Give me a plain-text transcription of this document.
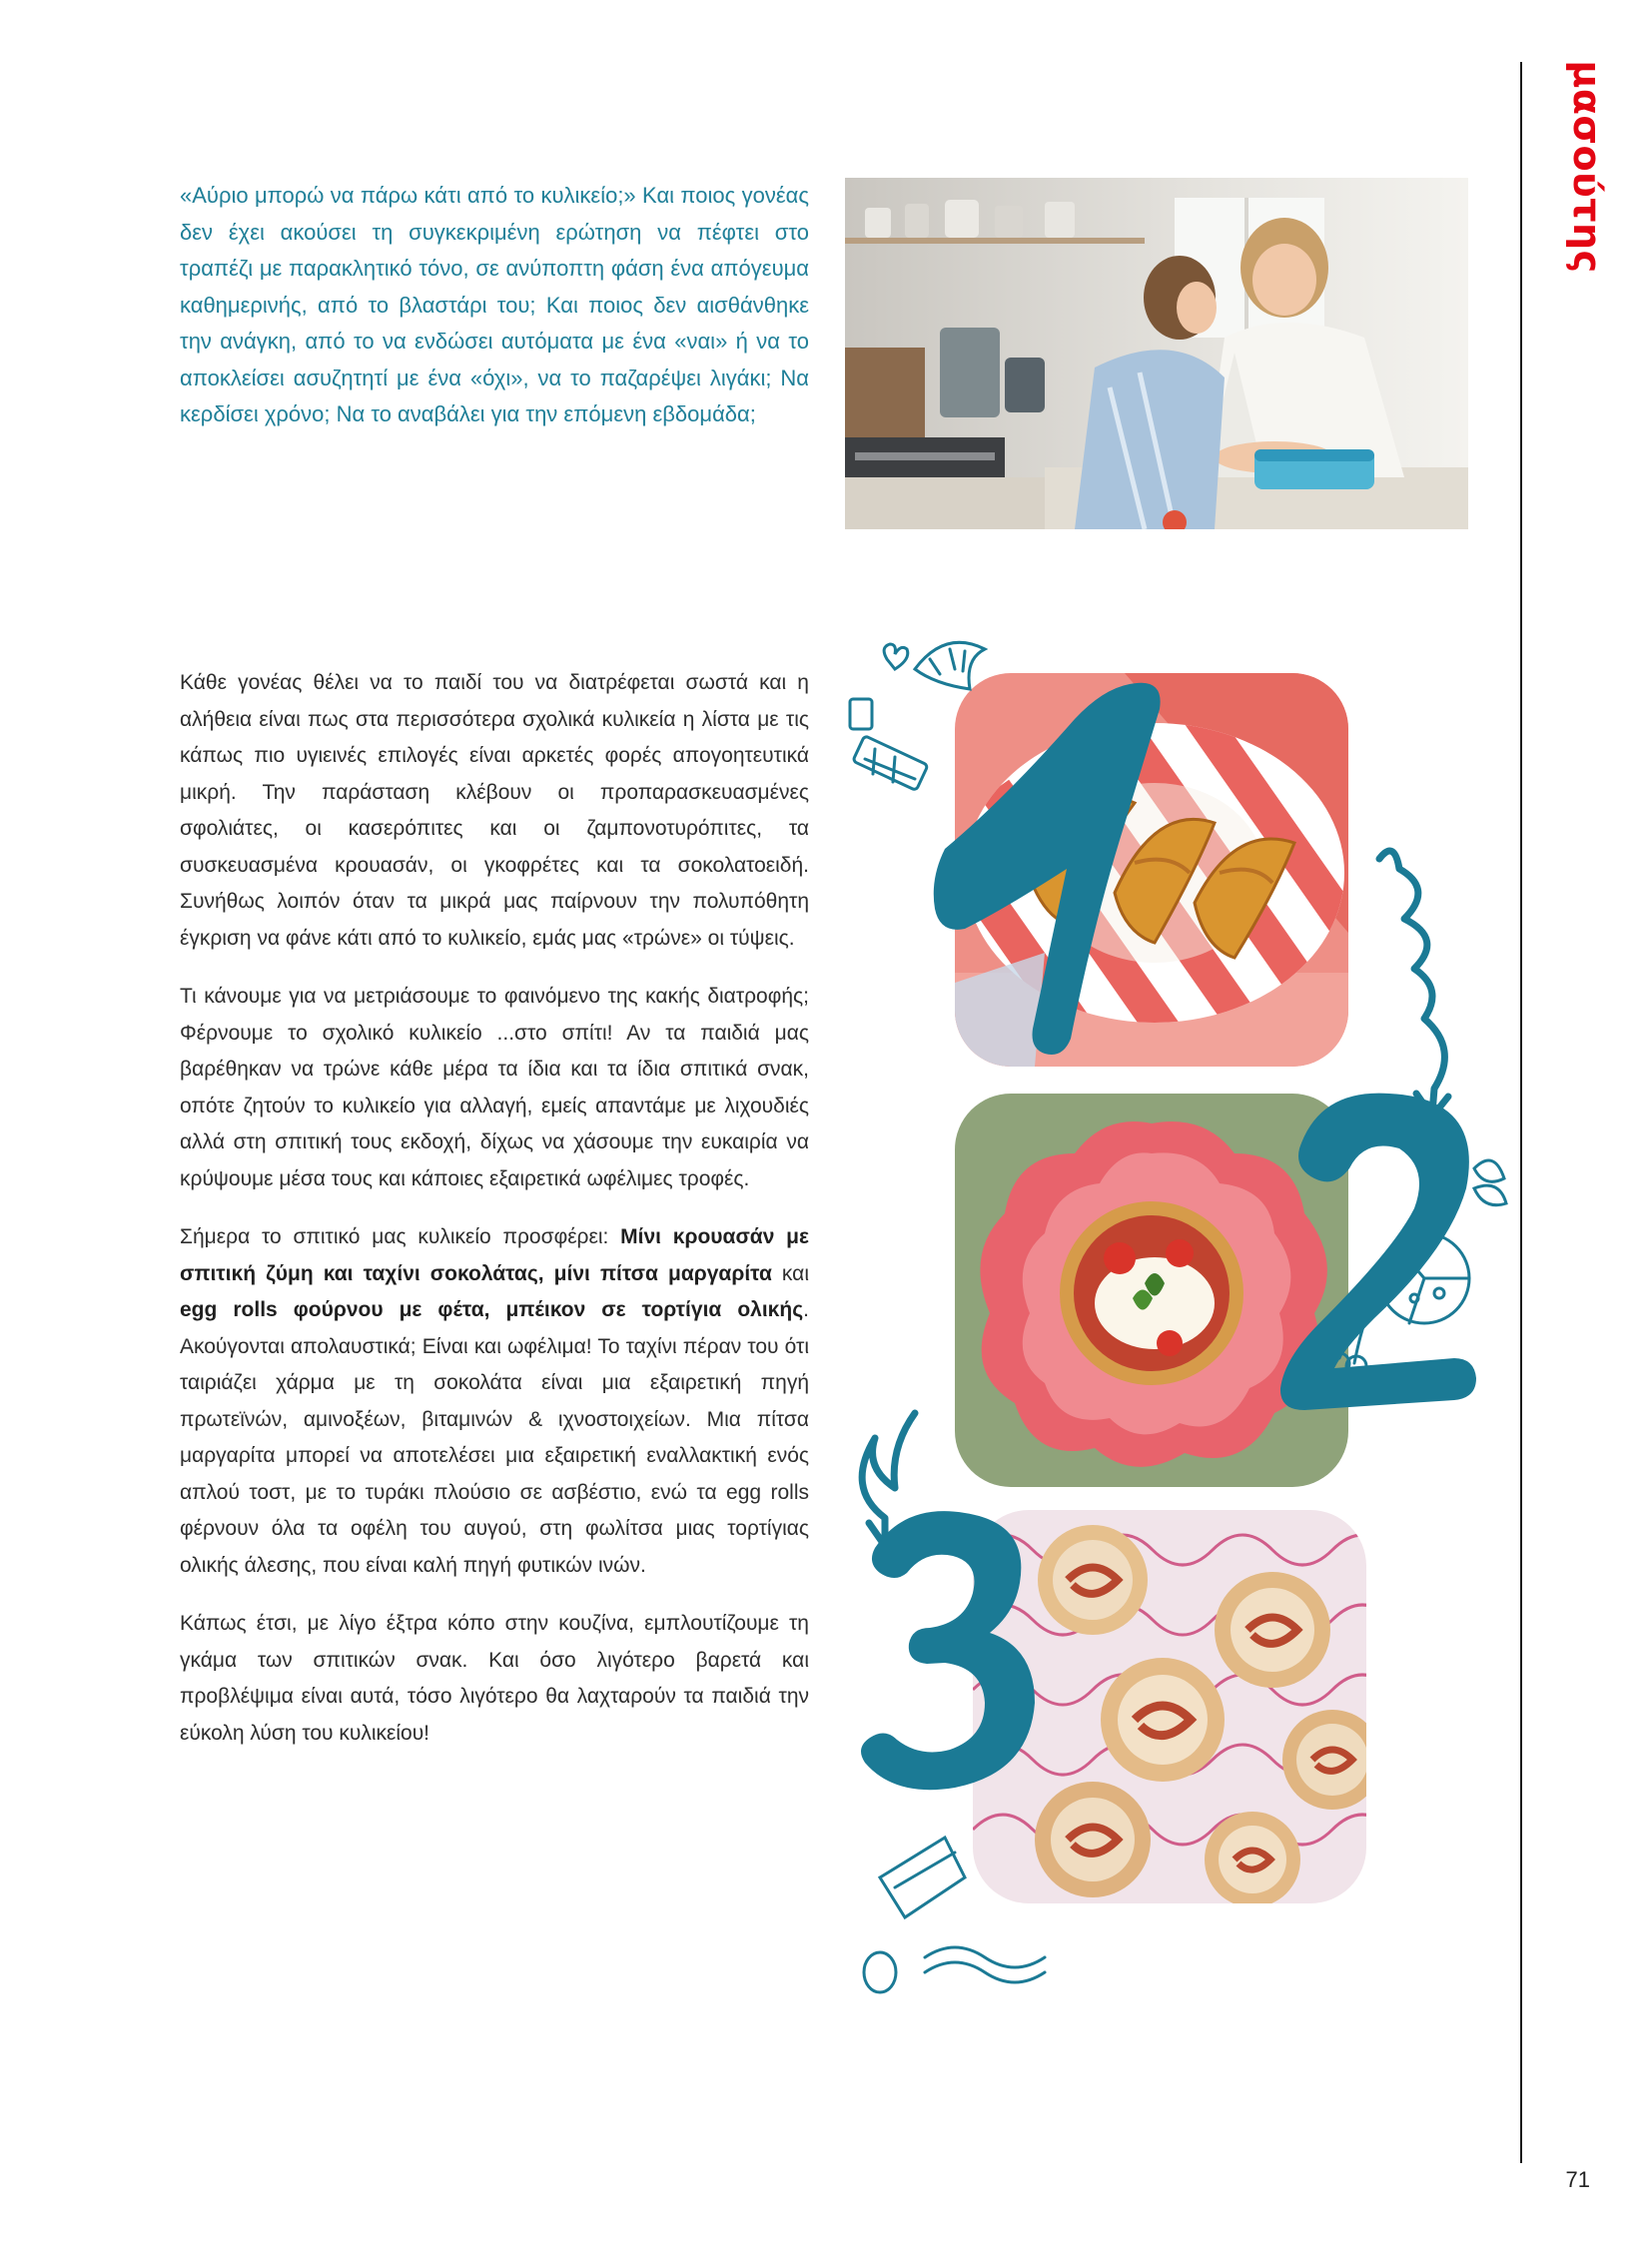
μασούτης

«Αύριο μπορώ να πάρω κάτι από το κυλικείο;» Και ποιος γονέας δεν έχει ακούσει τη συγκεκριμένη ερώτηση να πέφτει στο τραπέζι με παρακλητικό τόνο, σε ανύποπτη φάση ένα απόγευμα καθημερινής, από το βλαστάρι του; Και ποιος δεν αισθάνθηκε την ανάγκη, από το να ενδώσει αυτόματα με ένα «ναι» ή να το αποκλείσει ασυζητητί με ένα «όχι», να το παζαρέψει λιγάκι; Να κερδίσει χρόνο; Να το αναβάλει για την επόμενη εβδομάδα;

Κάθε γονέας θέλει να το παιδί του να διατρέφεται σωστά και η αλήθεια είναι πως στα περισσότερα σχολικά κυλικεία η λίστα με τις κάπως πιο υγιεινές επιλογές είναι αρκετές φορές απογοητευτικά μικρή. Την παράσταση κλέβουν οι προπαρασκευασμένες σφολιάτες, οι κασερόπιτες και οι ζαμπονοτυρόπιτες, τα συσκευασμένα κρουασάν, οι γκοφρέτες και τα σοκολατοειδή. Συνήθως λοιπόν όταν τα μικρά μας παίρνουν την πολυπόθητη έγκριση να φάνε κάτι από το κυλικείο, εμάς μας «τρώνε» οι τύψεις.

Τι κάνουμε για να μετριάσουμε το φαινόμενο της κακής διατροφής; Φέρνουμε το σχολικό κυλικείο ...στο σπίτι! Αν τα παιδιά μας βαρέθηκαν να τρώνε κάθε μέρα τα ίδια και τα ίδια σπιτικά σνακ, οπότε ζητούν το κυλικείο για αλλαγή, εμείς απαντάμε με λιχουδιές αλλά στη σπιτική τους εκδοχή, δίχως να χάσουμε την ευκαιρία να κρύψουμε μέσα τους και κάποιες εξαιρετικά ωφέλιμες τροφές.

Σήμερα το σπιτικό μας κυλικείο προσφέρει: Μίνι κρουασάν με σπιτική ζύμη και ταχίνι σοκολάτας, μίνι πίτσα μαργαρίτα και egg rolls φούρνου με φέτα, μπέικον σε τορτίγια ολικής. Ακούγονται απολαυστικά; Είναι και ωφέλιμα! Το ταχίνι πέραν του ότι ταιριάζει χάρμα με τη σοκολάτα είναι μια εξαιρετική πηγή πρωτεϊνών, αμινοξέων, βιταμινών & ιχνοστοιχείων. Μια πίτσα μαργαρίτα μπορεί να αποτελέσει μια εξαιρετική εναλλακτική ενός απλού τοστ, με το τυράκι πλούσιο σε ασβέστιο, ενώ τα egg rolls φέρνουν όλα τα οφέλη του αυγού, στη φωλίτσα μιας τορτίγιας ολικής άλεσης, που είναι καλή πηγή φυτικών ινών.

Κάπως έτσι, με λίγο έξτρα κόπο στην κουζίνα, εμπλουτίζουμε τη γκάμα των σπιτικών σνακ. Και όσο λιγότερο βαρετά και προβλέψιμα είναι αυτά, τόσο λιγότερο θα λαχταρούν τα παιδιά την εύκολη λύση του κυλικείου!

71
